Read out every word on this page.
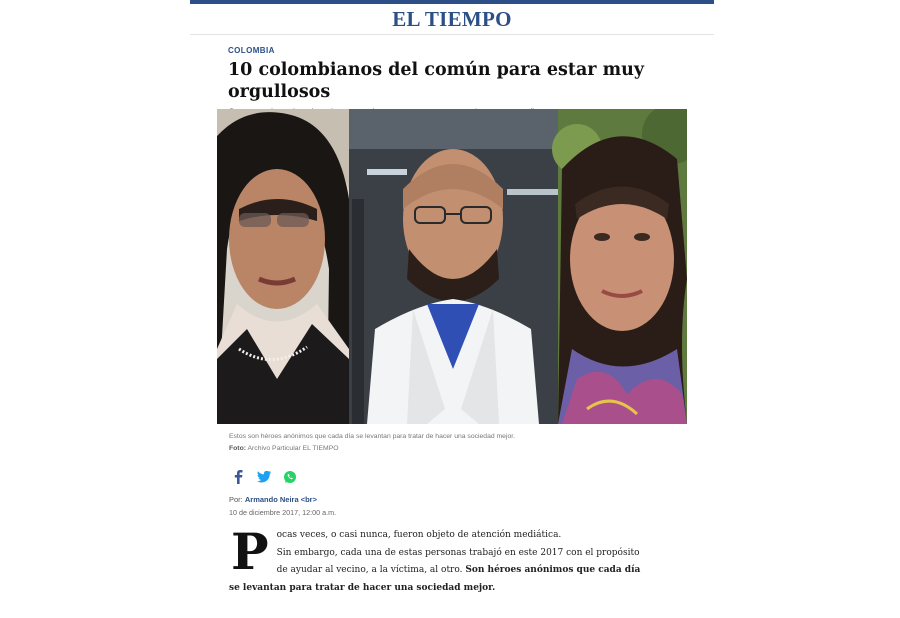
EL TIEMPO
COLOMBIA
10 colombianos del común para estar muy orgullosos
Estos son héroes anónimos que cada día se levantan para tratar de hacer una sociedad mejor.
Foto: Archivo Particular EL TIEMPO
Por: Armando Neira <br>
10 de diciembre 2017, 12:00 a.m.
P ocas veces, o casi nunca, fueron objeto de atención mediática.
Sin embargo, cada una de estas personas trabajó en este 2017 con el propósito de ayudar al vecino, a la víctima, al otro. Son héroes anónimos que cada día se levantan para tratar de hacer una sociedad mejor.
